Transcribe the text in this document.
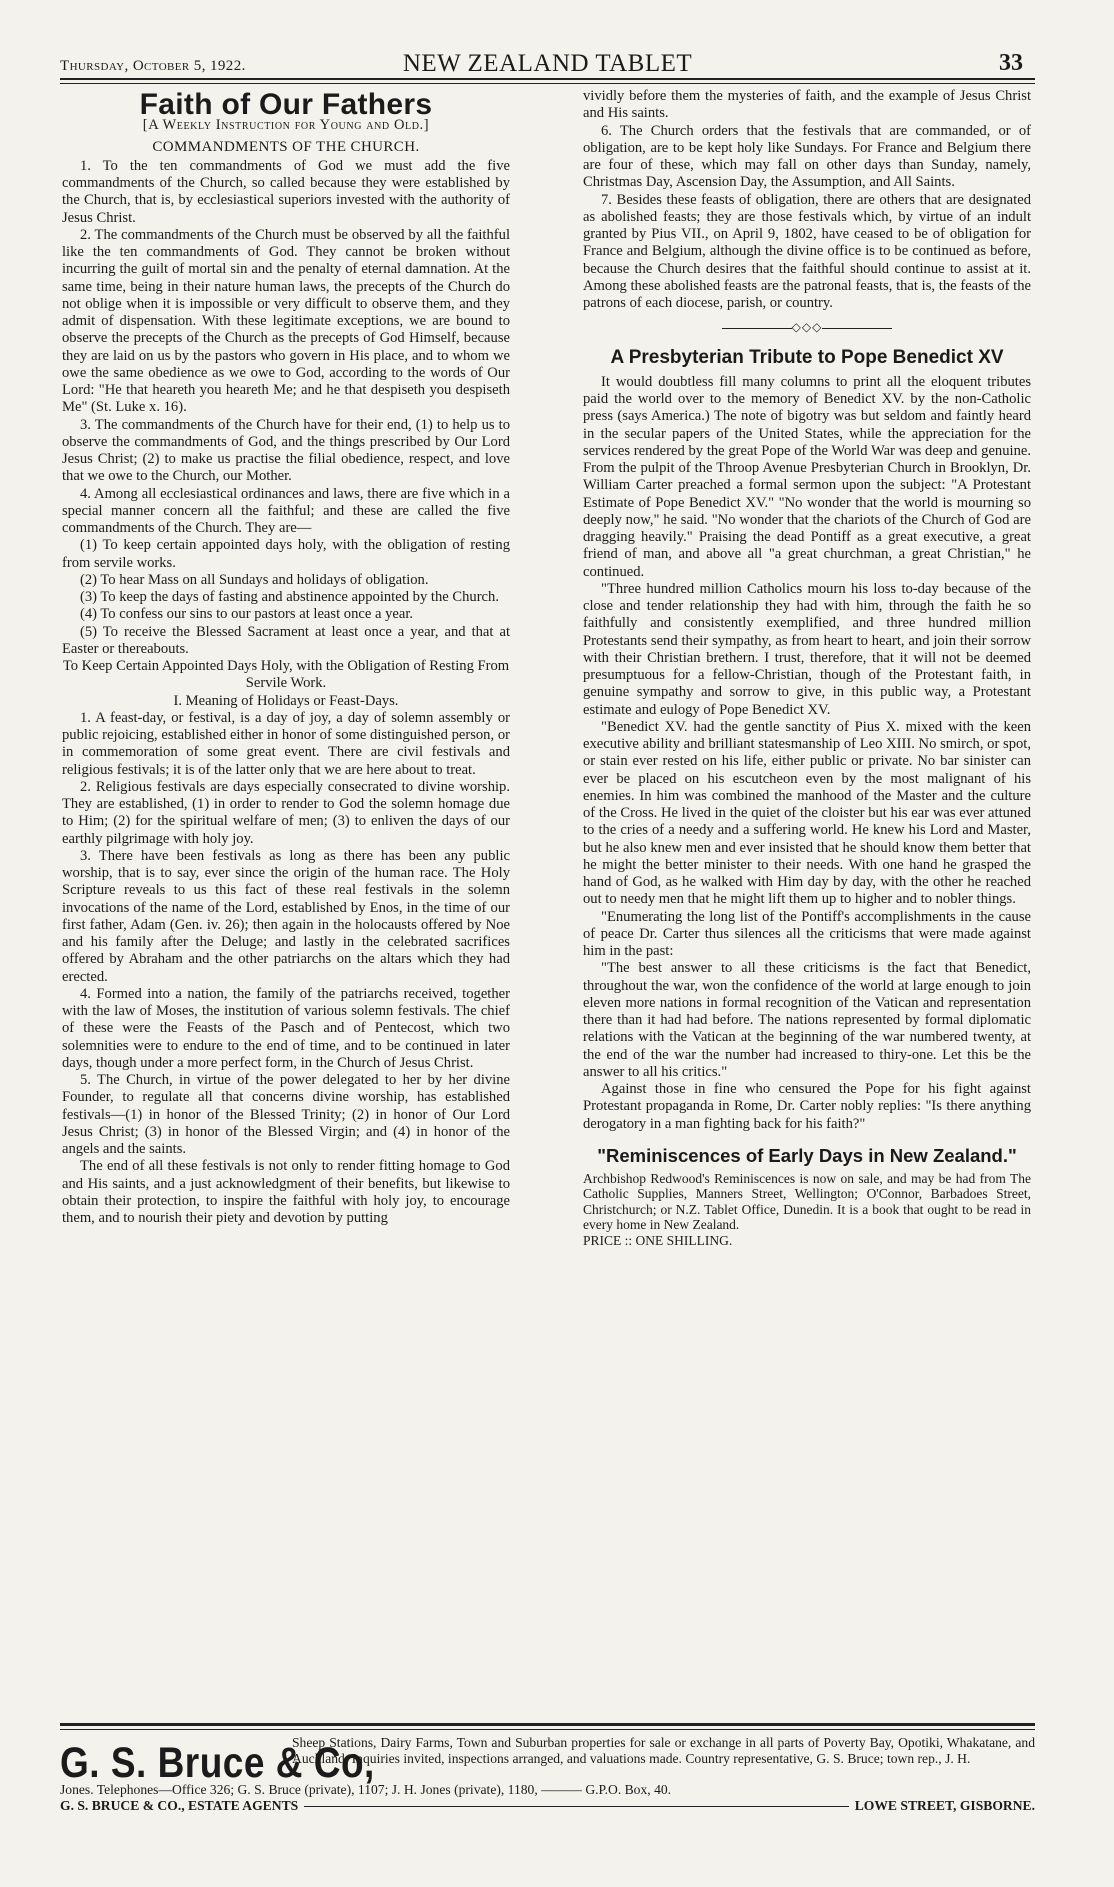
Thursday, October 5, 1922.	NEW ZEALAND TABLET	33
Faith of Our Fathers
[A Weekly Instruction for Young and Old.]
COMMANDMENTS OF THE CHURCH.

1. To the ten commandments of God we must add the five commandments of the Church, so called because they were established by the Church, that is, by ecclesiastical superiors invested with the authority of Jesus Christ.

2. The commandments of the Church must be observed by all the faithful like the ten commandments of God. They cannot be broken without incurring the guilt of mortal sin and the penalty of eternal damnation. At the same time, being in their nature human laws, the precepts of the Church do not oblige when it is impossible or very difficult to observe them, and they admit of dispensation. With these legitimate exceptions, we are bound to observe the precepts of the Church as the precepts of God Himself, because they are laid on us by the pastors who govern in His place, and to whom we owe the same obedience as we owe to God, according to the words of Our Lord: "He that heareth you heareth Me; and he that despiseth you despiseth Me" (St. Luke x. 16).

3. The commandments of the Church have for their end, (1) to help us to observe the commandments of God, and the things prescribed by Our Lord Jesus Christ; (2) to make us practise the filial obedience, respect, and love that we owe to the Church, our Mother.

4. Among all ecclesiastical ordinances and laws, there are five which in a special manner concern all the faithful; and these are called the five commandments of the Church. They are—

(1) To keep certain appointed days holy, with the obligation of resting from servile works.

(2) To hear Mass on all Sundays and holidays of obligation.

(3) To keep the days of fasting and abstinence appointed by the Church.

(4) To confess our sins to our pastors at least once a year.

(5) To receive the Blessed Sacrament at least once a year, and that at Easter or thereabouts.

To Keep Certain Appointed Days Holy, with the Obligation of Resting From Servile Work.

I. Meaning of Holidays or Feast-Days.

1. A feast-day, or festival, is a day of joy, a day of solemn assembly or public rejoicing, established either in honor of some distinguished person, or in commemoration of some great event. There are civil festivals and religious festivals; it is of the latter only that we are here about to treat.

2. Religious festivals are days especially consecrated to divine worship. They are established, (1) in order to render to God the solemn homage due to Him; (2) for the spiritual welfare of men; (3) to enliven the days of our earthly pilgrimage with holy joy.

3. There have been festivals as long as there has been any public worship, that is to say, ever since the origin of the human race. The Holy Scripture reveals to us this fact of these real festivals in the solemn invocations of the name of the Lord, established by Enos, in the time of our first father, Adam (Gen. iv. 26); then again in the holocausts offered by Noe and his family after the Deluge; and lastly in the celebrated sacrifices offered by Abraham and the other patriarchs on the altars which they had erected.

4. Formed into a nation, the family of the patriarchs received, together with the law of Moses, the institution of various solemn festivals. The chief of these were the Feasts of the Pasch and of Pentecost, which two solemnities were to endure to the end of time, and to be continued in later days, though under a more perfect form, in the Church of Jesus Christ.

5. The Church, in virtue of the power delegated to her by her divine Founder, to regulate all that concerns divine worship, has established festivals—(1) in honor of the Blessed Trinity; (2) in honor of Our Lord Jesus Christ; (3) in honor of the Blessed Virgin; and (4) in honor of the angels and the saints.

The end of all these festivals is not only to render fitting homage to God and His saints, and a just acknowledgment of their benefits, but likewise to obtain their protection, to inspire the faithful with holy joy, to encourage them, and to nourish their piety and devotion by putting

vividly before them the mysteries of faith, and the example of Jesus Christ and His saints.

6. The Church orders that the festivals that are commanded, or of obligation, are to be kept holy like Sundays. For France and Belgium there are four of these, which may fall on other days than Sunday, namely, Christmas Day, Ascension Day, the Assumption, and All Saints.

7. Besides these feasts of obligation, there are others that are designated as abolished feasts; they are those festivals which, by virtue of an indult granted by Pius VII., on April 9, 1802, have ceased to be of obligation for France and Belgium, although the divine office is to be continued as before, because the Church desires that the faithful should continue to assist at it. Among these abolished feasts are the patronal feasts, that is, the feasts of the patrons of each diocese, parish, or country.

◇◇◇
A Presbyterian Tribute to Pope Benedict XV

It would doubtless fill many columns to print all the eloquent tributes paid the world over to the memory of Benedict XV. by the non-Catholic press (says America.) The note of bigotry was but seldom and faintly heard in the secular papers of the United States, while the appreciation for the services rendered by the great Pope of the World War was deep and genuine. From the pulpit of the Throop Avenue Presbyterian Church in Brooklyn, Dr. William Carter preached a formal sermon upon the subject: "A Protestant Estimate of Pope Benedict XV." "No wonder that the world is mourning so deeply now," he said. "No wonder that the chariots of the Church of God are dragging heavily." Praising the dead Pontiff as a great executive, a great friend of man, and above all "a great churchman, a great Christian," he continued.

"Three hundred million Catholics mourn his loss to-day because of the close and tender relationship they had with him, through the faith he so faithfully and consistently exemplified, and three hundred million Protestants send their sympathy, as from heart to heart, and join their sorrow with their Christian brethern. I trust, therefore, that it will not be deemed presumptuous for a fellow-Christian, though of the Protestant faith, in genuine sympathy and sorrow to give, in this public way, a Protestant estimate and eulogy of Pope Benedict XV.

"Benedict XV. had the gentle sanctity of Pius X. mixed with the keen executive ability and brilliant statesmanship of Leo XIII. No smirch, or spot, or stain ever rested on his life, either public or private. No bar sinister can ever be placed on his escutcheon even by the most malignant of his enemies. In him was combined the manhood of the Master and the culture of the Cross. He lived in the quiet of the cloister but his ear was ever attuned to the cries of a needy and a suffering world. He knew his Lord and Master, but he also knew men and ever insisted that he should know them better that he might the better minister to their needs. With one hand he grasped the hand of God, as he walked with Him day by day, with the other he reached out to needy men that he might lift them up to higher and to nobler things.

"Enumerating the long list of the Pontiff's accomplishments in the cause of peace Dr. Carter thus silences all the criticisms that were made against him in the past:

"The best answer to all these criticisms is the fact that Benedict, throughout the war, won the confidence of the world at large enough to join eleven more nations in formal recognition of the Vatican and representation there than it had had before. The nations represented by formal diplomatic relations with the Vatican at the beginning of the war numbered twenty, at the end of the war the number had increased to thiry-one. Let this be the answer to all his critics."

Against those in fine who censured the Pope for his fight against Protestant propaganda in Rome, Dr. Carter nobly replies: "Is there anything derogatory in a man fighting back for his faith?"

"Reminiscences of Early Days in New Zealand."
Archbishop Redwood's Reminiscences is now on sale, and may be had from The Catholic Supplies, Manners Street, Wellington; O'Connor, Barbadoes Street, Christchurch; or N.Z. Tablet Office, Dunedin. It is a book that ought to be read in every home in New Zealand.
PRICE :: ONE SHILLING.
G. S. Bruce & Co,
Sheep Stations, Dairy Farms, Town and Suburban properties for sale or exchange in all parts of Poverty Bay, Opotiki, Whakatane, and Auckland. Inquiries invited, inspections arranged, and valuations made. Country representative, G. S. Bruce; town rep., J. H.
Jones. Telephones—Office 326; G. S. Bruce (private), 1107; J. H. Jones (private), 1180, ——— G.P.O. Box, 40.
G. S. BRUCE & CO., ESTATE AGENTS	LOWE STREET, GISBORNE.
